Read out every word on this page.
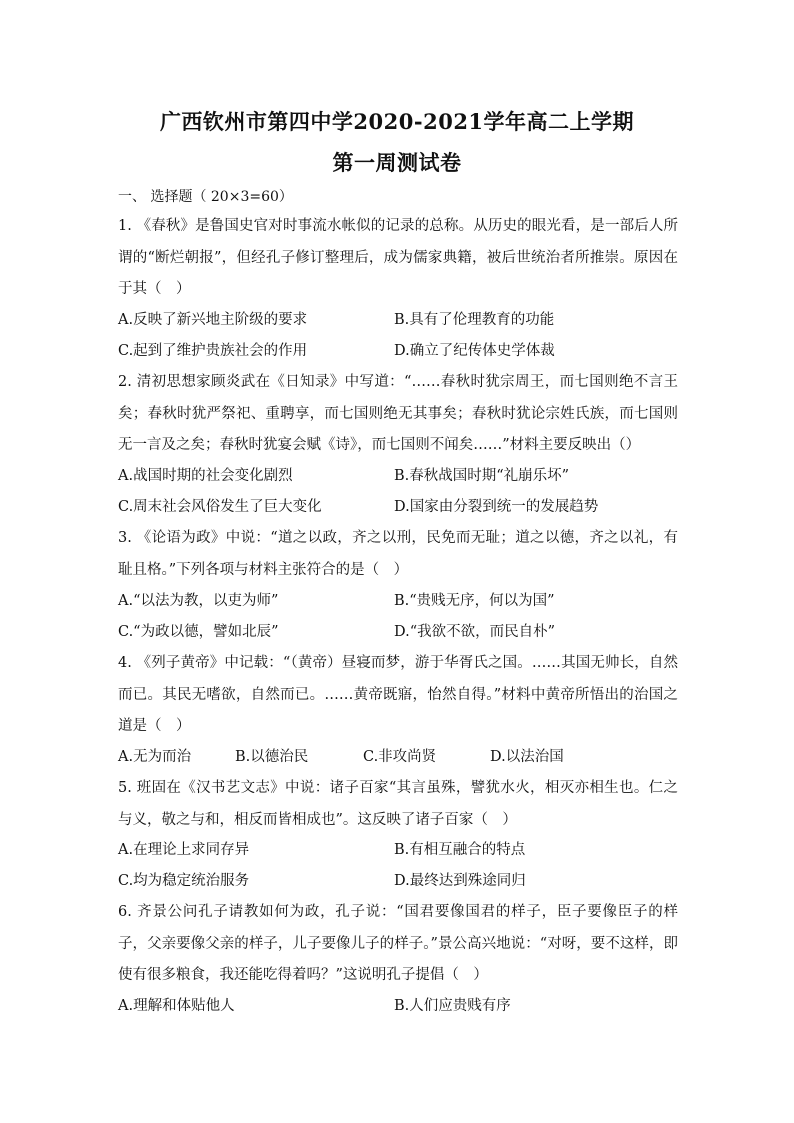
广西钦州市第四中学2020-2021学年高二上学期
第一周测试卷
一、 选择题（ 20×3=60）
1. 《春秋》是鲁国史官对时事流水帐似的记录的总称。从历史的眼光看，是一部后人所谓的“断烂朝报”，但经孔子修订整理后，成为儒家典籍，被后世统治者所推崇。原因在于其（　）
A.反映了新兴地主阶级的要求	B.具有了伦理教育的功能
C.起到了维护贵族社会的作用	D.确立了纪传体史学体裁
2. 清初思想家顾炎武在《日知录》中写道：“……春秋时犹宗周王，而七国则绝不言王矣；春秋时犹严祭祀、重聘享，而七国则绝无其事矣；春秋时犹论宗姓氏族，而七国则无一言及之矣；春秋时犹宴会赋《诗》，而七国则不闻矣……”材料主要反映出（）
A.战国时期的社会变化剧烈	B.春秋战国时期“礼崩乐坏”
C.周末社会风俗发生了巨大变化	D.国家由分裂到统一的发展趋势
3. 《论语为政》中说：“道之以政，齐之以刑，民免而无耻；道之以德，齐之以礼，有耻且格。”下列各项与材料主张符合的是（　）
A.“以法为教，以吏为师”	B.“贵贱无序，何以为国”
C.“为政以德，譬如北辰”	D.“我欲不欲，而民自朴”
4. 《列子黄帝》中记载：“（黄帝）昼寝而梦，游于华胥氏之国。……其国无帅长，自然而已。其民无嗜欲，自然而已。……黄帝既寤，怡然自得。”材料中黄帝所悟出的治国之道是（　）
A.无为而治	B.以德治民	C.非攻尚贤	D.以法治国
5. 班固在《汉书艺文志》中说：诸子百家“其言虽殊，譬犹水火，相灭亦相生也。仁之与义，敬之与和，相反而皆相成也”。这反映了诸子百家（　）
A.在理论上求同存异	B.有相互融合的特点
C.均为稳定统治服务	D.最终达到殊途同归
6. 齐景公问孔子请教如何为政，孔子说：“国君要像国君的样子，臣子要像臣子的样子，父亲要像父亲的样子，儿子要像儿子的样子。”景公高兴地说：“对呀，要不这样，即使有很多粮食，我还能吃得着吗？”这说明孔子提倡（　）
A.理解和体贴他人	B.人们应贵贱有序
